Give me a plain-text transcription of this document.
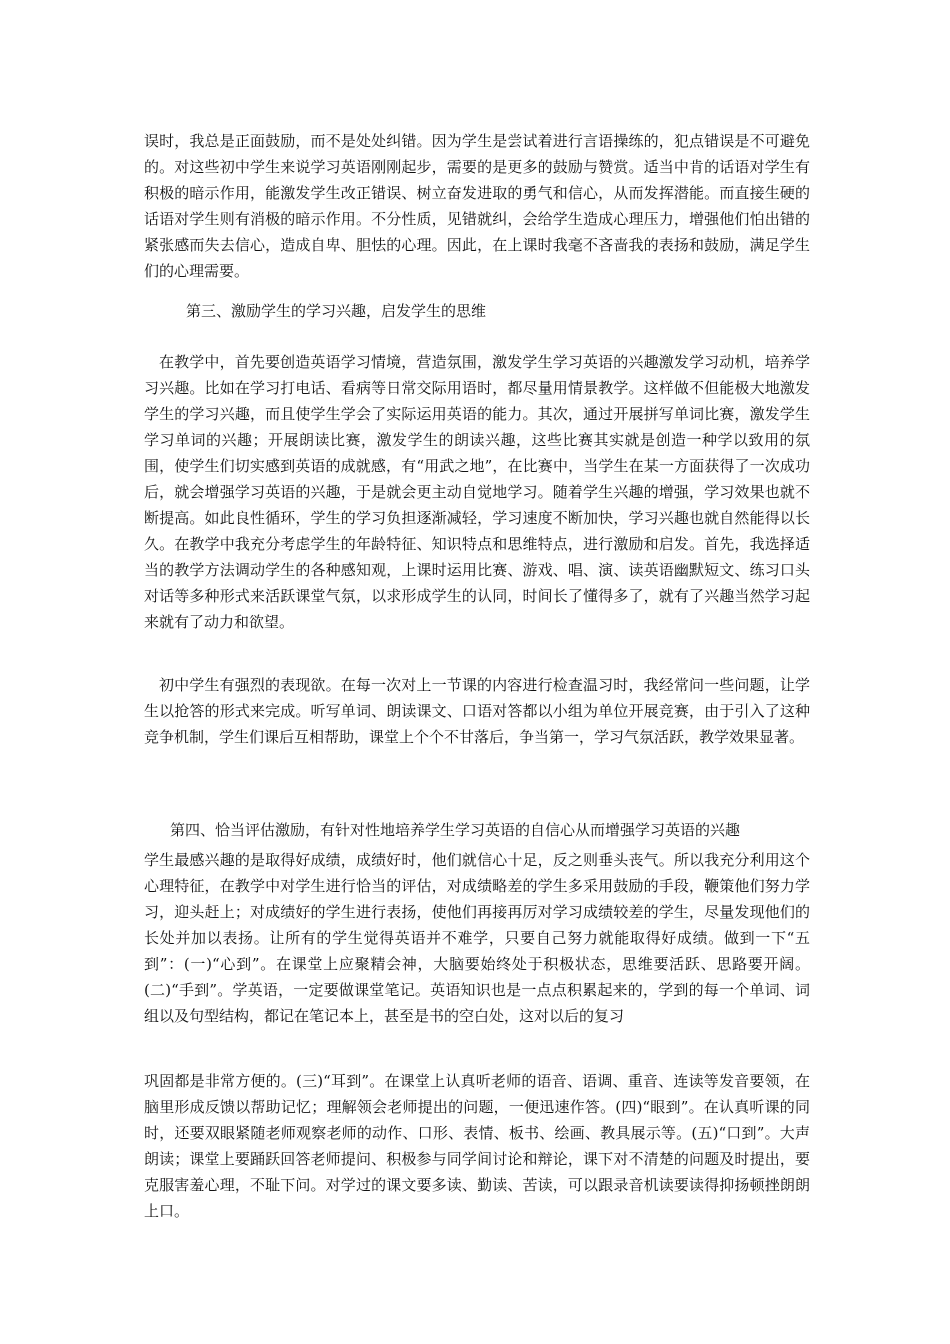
误时，我总是正面鼓励，而不是处处纠错。因为学生是尝试着进行言语操练的，犯点错误是不可避免的。对这些初中学生来说学习英语刚刚起步，需要的是更多的鼓励与赞赏。适当中肯的话语对学生有积极的暗示作用，能激发学生改正错误、树立奋发进取的勇气和信心，从而发挥潜能。而直接生硬的话语对学生则有消极的暗示作用。不分性质，见错就纠，会给学生造成心理压力，增强他们怕出错的紧张感而失去信心，造成自卑、胆怯的心理。因此，在上课时我毫不吝啬我的表扬和鼓励，满足学生们的心理需要。

第三、激励学生的学习兴趣，启发学生的思维

在教学中，首先要创造英语学习情境，营造氛围，激发学生学习英语的兴趣激发学习动机，培养学习兴趣。比如在学习打电话、看病等日常交际用语时，都尽量用情景教学。这样做不但能极大地激发学生的学习兴趣，而且使学生学会了实际运用英语的能力。其次，通过开展拼写单词比赛，激发学生学习单词的兴趣；开展朗读比赛，激发学生的朗读兴趣，这些比赛其实就是创造一种学以致用的氛围，使学生们切实感到英语的成就感，有“用武之地”，在比赛中，当学生在某一方面获得了一次成功后，就会增强学习英语的兴趣，于是就会更主动自觉地学习。随着学生兴趣的增强，学习效果也就不断提高。如此良性循环，学生的学习负担逐渐减轻，学习速度不断加快，学习兴趣也就自然能得以长久。在教学中我充分考虑学生的年龄特征、知识特点和思维特点，进行激励和启发。首先，我选择适当的教学方法调动学生的各种感知观，上课时运用比赛、游戏、唱、演、读英语幽默短文、练习口头对话等多种形式来活跃课堂气氛，以求形成学生的认同，时间长了懂得多了，就有了兴趣当然学习起来就有了动力和欲望。

初中学生有强烈的表现欲。在每一次对上一节课的内容进行检查温习时，我经常问一些问题，让学生以抢答的形式来完成。听写单词、朗读课文、口语对答都以小组为单位开展竞赛，由于引入了这种竞争机制，学生们课后互相帮助，课堂上个个不甘落后，争当第一，学习气氛活跃，教学效果显著。

第四、恰当评估激励，有针对性地培养学生学习英语的自信心从而增强学习英语的兴趣

学生最感兴趣的是取得好成绩，成绩好时，他们就信心十足，反之则垂头丧气。所以我充分利用这个心理特征，在教学中对学生进行恰当的评估，对成绩略差的学生多采用鼓励的手段，鞭策他们努力学习，迎头赶上；对成绩好的学生进行表扬，使他们再接再厉对学习成绩较差的学生，尽量发现他们的长处并加以表扬。让所有的学生觉得英语并不难学，只要自己努力就能取得好成绩。做到一下“五到”：(一)“心到”。在课堂上应聚精会神，大脑要始终处于积极状态，思维要活跃、思路要开阔。(二)“手到”。学英语，一定要做课堂笔记。英语知识也是一点点积累起来的，学到的每一个单词、词组以及句型结构，都记在笔记本上，甚至是书的空白处，这对以后的复习

巩固都是非常方便的。(三)“耳到”。在课堂上认真听老师的语音、语调、重音、连读等发音要领，在脑里形成反馈以帮助记忆；理解领会老师提出的问题，一便迅速作答。(四)“眼到”。在认真听课的同时，还要双眼紧随老师观察老师的动作、口形、表情、板书、绘画、教具展示等。(五)“口到”。大声朗读；课堂上要踊跃回答老师提问、积极参与同学间讨论和辩论，课下对不清楚的问题及时提出，要克服害羞心理，不耻下问。对学过的课文要多读、勤读、苦读，可以跟录音机读要读得抑扬顿挫朗朗上口。
